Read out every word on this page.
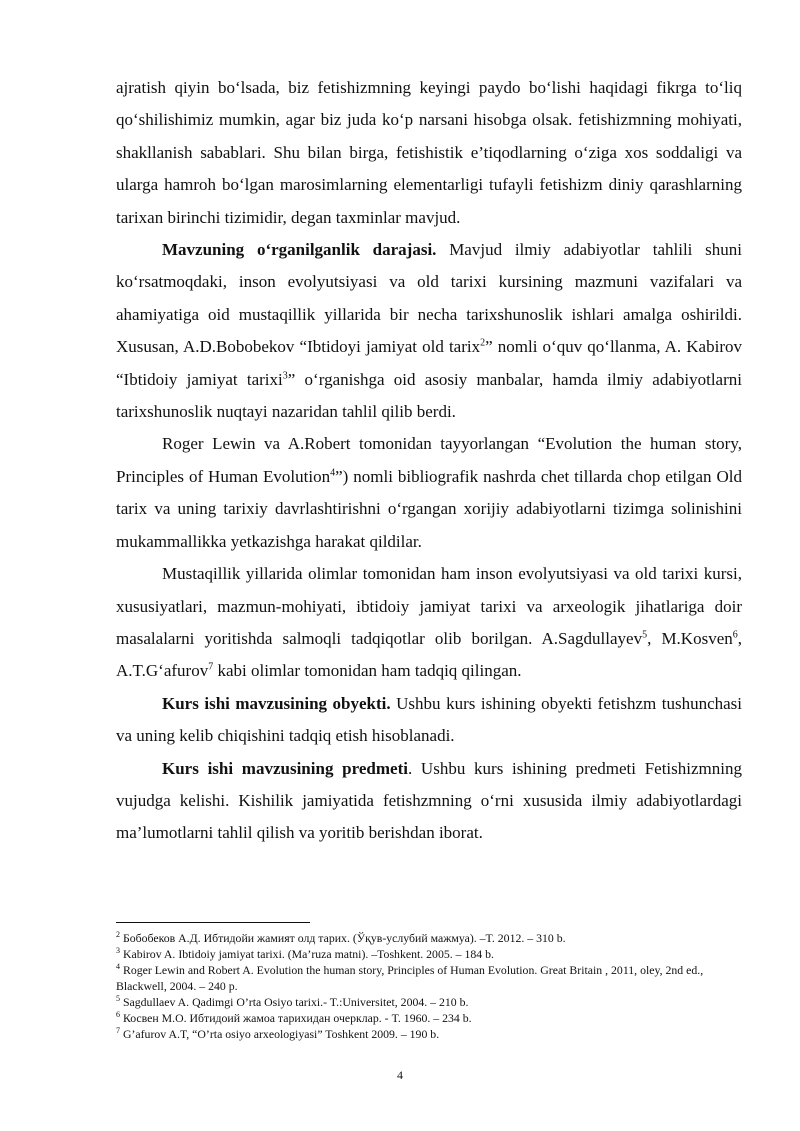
ajratish qiyin bo‘lsada, biz fetishizmning keyingi paydo bo‘lishi haqidagi fikrga to‘liq qo‘shilishimiz mumkin, agar biz juda ko‘p narsani hisobga olsak. fetishizmning mohiyati, shakllanish sabablari. Shu bilan birga, fetishistik e’tiqodlarning o‘ziga xos soddaligi va ularga hamroh bo‘lgan marosimlarning elementarligi tufayli fetishizm diniy qarashlarning tarixan birinchi tizimidir, degan taxminlar mavjud.

Mavzuning o‘rganilganlik darajasi. Mavjud ilmiy adabiyotlar tahlili shuni ko‘rsatmoqdaki, inson evolyutsiyasi va old tarixi kursining mazmuni vazifalari va ahamiyatiga oid mustaqillik yillarida bir necha tarixshunoslik ishlari amalga oshirildi. Xususan, A.D.Bobobekov “Ibtidoyi jamiyat old tarix$^2$” nomli o‘quv qo‘llanma, A. Kabirov “Ibtidoiy jamiyat tarixi$^3$” o‘rganishga oid asosiy manbalar, hamda ilmiy adabiyotlarni tarixshunoslik nuqtayi nazaridan tahlil qilib berdi.

Roger Lewin va A.Robert tomonidan tayyorlangan “Evolution the human story, Principles of Human Evolution$^4$”) nomli bibliografik nashrda chet tillarda chop etilgan Old tarix va uning tarixiy davrlashtirishni o‘rgangan xorijiy adabiyotlarni tizimga solinishini mukammallikka yetkazishga harakat qildilar.

Mustaqillik yillarida olimlar tomonidan ham inson evolyutsiyasi va old tarixi kursi, xususiyatlari, mazmun-mohiyati, ibtidoiy jamiyat tarixi va arxeologik jihatlariga doir masalalarni yoritishda salmoqli tadqiqotlar olib borilgan. A.Sagdullayev$^5$, M.Kosven$^6$, A.T.G‘afurov$^7$ kabi olimlar tomonidan ham tadqiq qilingan.

Kurs ishi mavzusining obyekti. Ushbu kurs ishining obyekti fetishzm tushunchasi va uning kelib chiqishini tadqiq etish hisoblanadi.

Kurs ishi mavzusining predmeti. Ushbu kurs ishining predmeti Fetishizmning vujudga kelishi. Kishilik jamiyatida fetishzmning o‘rni xususida ilmiy adabiyotlardagi ma’lumotlarni tahlil qilish va yoritib berishdan iborat.

$^2$ Бобобеков А.Д. Ибтидойи жамият олд тарих. (Ўқув-услубий мажмуа). –T. 2012. – 310 b.

$^3$ Kabirov A. Ibtidoiy jamiyat tarixi. (Ma’ruza matni). –Toshkent. 2005. – 184 b.

$^4$ Roger Lewin and Robert A. Evolution the human story, Principles of Human Evolution. Great Britain , 2011, oley, 2nd ed., Blackwell, 2004. – 240 p.

$^5$ Sagdullaev A. Qadimgi O’rta Osiyo tarixi.- T.:Universitet, 2004. – 210 b.

$^6$ Косвен М.О. Ибтидоий жамоа тарихидан очерклар. - T. 1960. – 234 b.

$^7$ G’afurov A.T, “O’rta osiyo arxeologiyasi” Toshkent 2009. – 190 b.

4
